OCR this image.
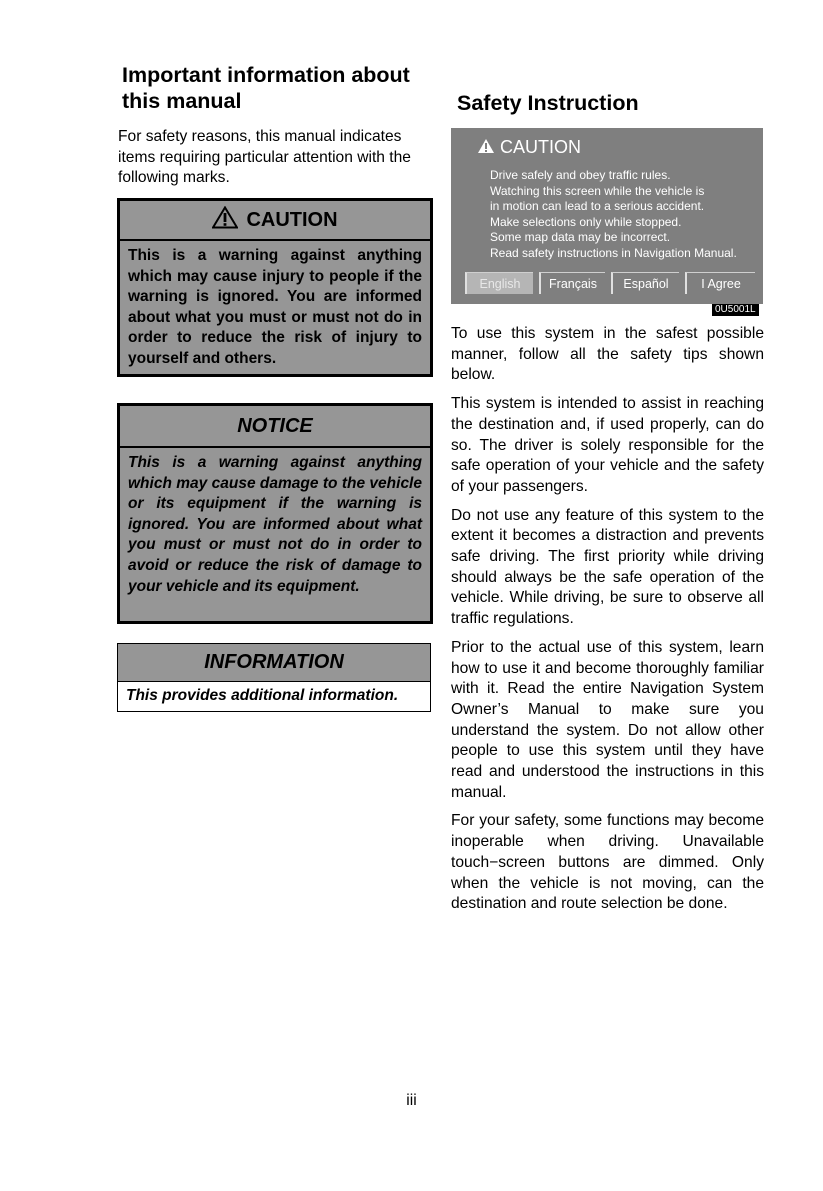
Important information about this manual

For safety reasons, this manual indicates items requiring particular attention with the following marks.

CAUTION

This is a warning against anything which may cause injury to people if the warning is ignored. You are informed about what you must or must not do in order to reduce the risk of injury to yourself and others.

NOTICE

This is a warning against anything which may cause damage to the vehicle or its equipment if the warning is ignored. You are informed about what you must or must not do in order to avoid or reduce the risk of damage to your vehicle and its equipment.

INFORMATION

This provides additional information.

Safety Instruction
CAUTION
Drive safely and obey traffic rules.
Watching this screen while the vehicle is
in motion can lead to a serious accident.
Make selections only while stopped.
Some map data may be incorrect.
Read safety instructions in Navigation Manual.
English	Français	Español	I Agree
0U5001L

To use this system in the safest possible manner, follow all the safety tips shown below.

This system is intended to assist in reaching the destination and, if used properly, can do so. The driver is solely responsible for the safe operation of your vehicle and the safety of your passengers.

Do not use any feature of this system to the extent it becomes a distraction and prevents safe driving. The first priority while driving should always be the safe operation of the vehicle. While driving, be sure to observe all traffic regulations.

Prior to the actual use of this system, learn how to use it and become thoroughly familiar with it. Read the entire Navigation System Owner’s Manual to make sure you understand the system. Do not allow other people to use this system until they have read and understood the instructions in this manual.

For your safety, some functions may become inoperable when driving. Unavailable touch−screen buttons are dimmed. Only when the vehicle is not moving, can the destination and route selection be done.

iii
